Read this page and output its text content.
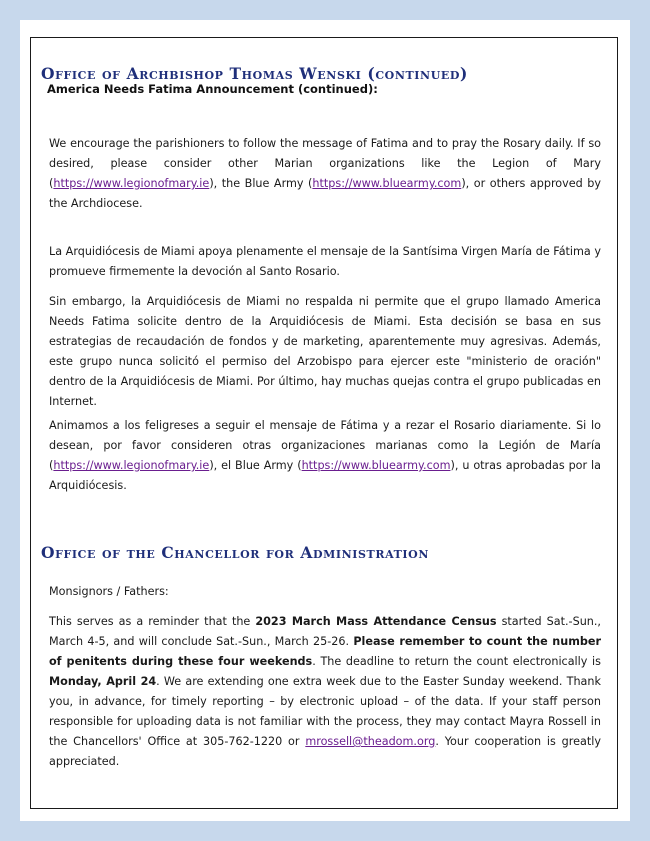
Office of Archbishop Thomas Wenski (continued)

America Needs Fatima Announcement (continued):

We encourage the parishioners to follow the message of Fatima and to pray the Rosary daily. If so desired, please consider other Marian organizations like the Legion of Mary (https://www.legionofmary.ie), the Blue Army (https://www.bluearmy.com), or others approved by the Archdiocese.

La Arquidiócesis de Miami apoya plenamente el mensaje de la Santísima Virgen María de Fátima y promueve firmemente la devoción al Santo Rosario.

Sin embargo, la Arquidiócesis de Miami no respalda ni permite que el grupo llamado America Needs Fatima solicite dentro de la Arquidiócesis de Miami. Esta decisión se basa en sus estrategias de recaudación de fondos y de marketing, aparentemente muy agresivas. Además, este grupo nunca solicitó el permiso del Arzobispo para ejercer este "ministerio de oración" dentro de la Arquidiócesis de Miami. Por último, hay muchas quejas contra el grupo publicadas en Internet.

Animamos a los feligreses a seguir el mensaje de Fátima y a rezar el Rosario diariamente. Si lo desean, por favor consideren otras organizaciones marianas como la Legión de María (https://www.legionofmary.ie), el Blue Army (https://www.bluearmy.com), u otras aprobadas por la Arquidiócesis.

Office of the Chancellor for Administration

Monsignors / Fathers:

This serves as a reminder that the 2023 March Mass Attendance Census started Sat.-Sun., March 4-5, and will conclude Sat.-Sun., March 25-26. Please remember to count the number of penitents during these four weekends. The deadline to return the count electronically is Monday, April 24. We are extending one extra week due to the Easter Sunday weekend. Thank you, in advance, for timely reporting – by electronic upload – of the data. If your staff person responsible for uploading data is not familiar with the process, they may contact Mayra Rossell in the Chancellors' Office at 305-762-1220 or mrossell@theadom.org. Your cooperation is greatly appreciated.
